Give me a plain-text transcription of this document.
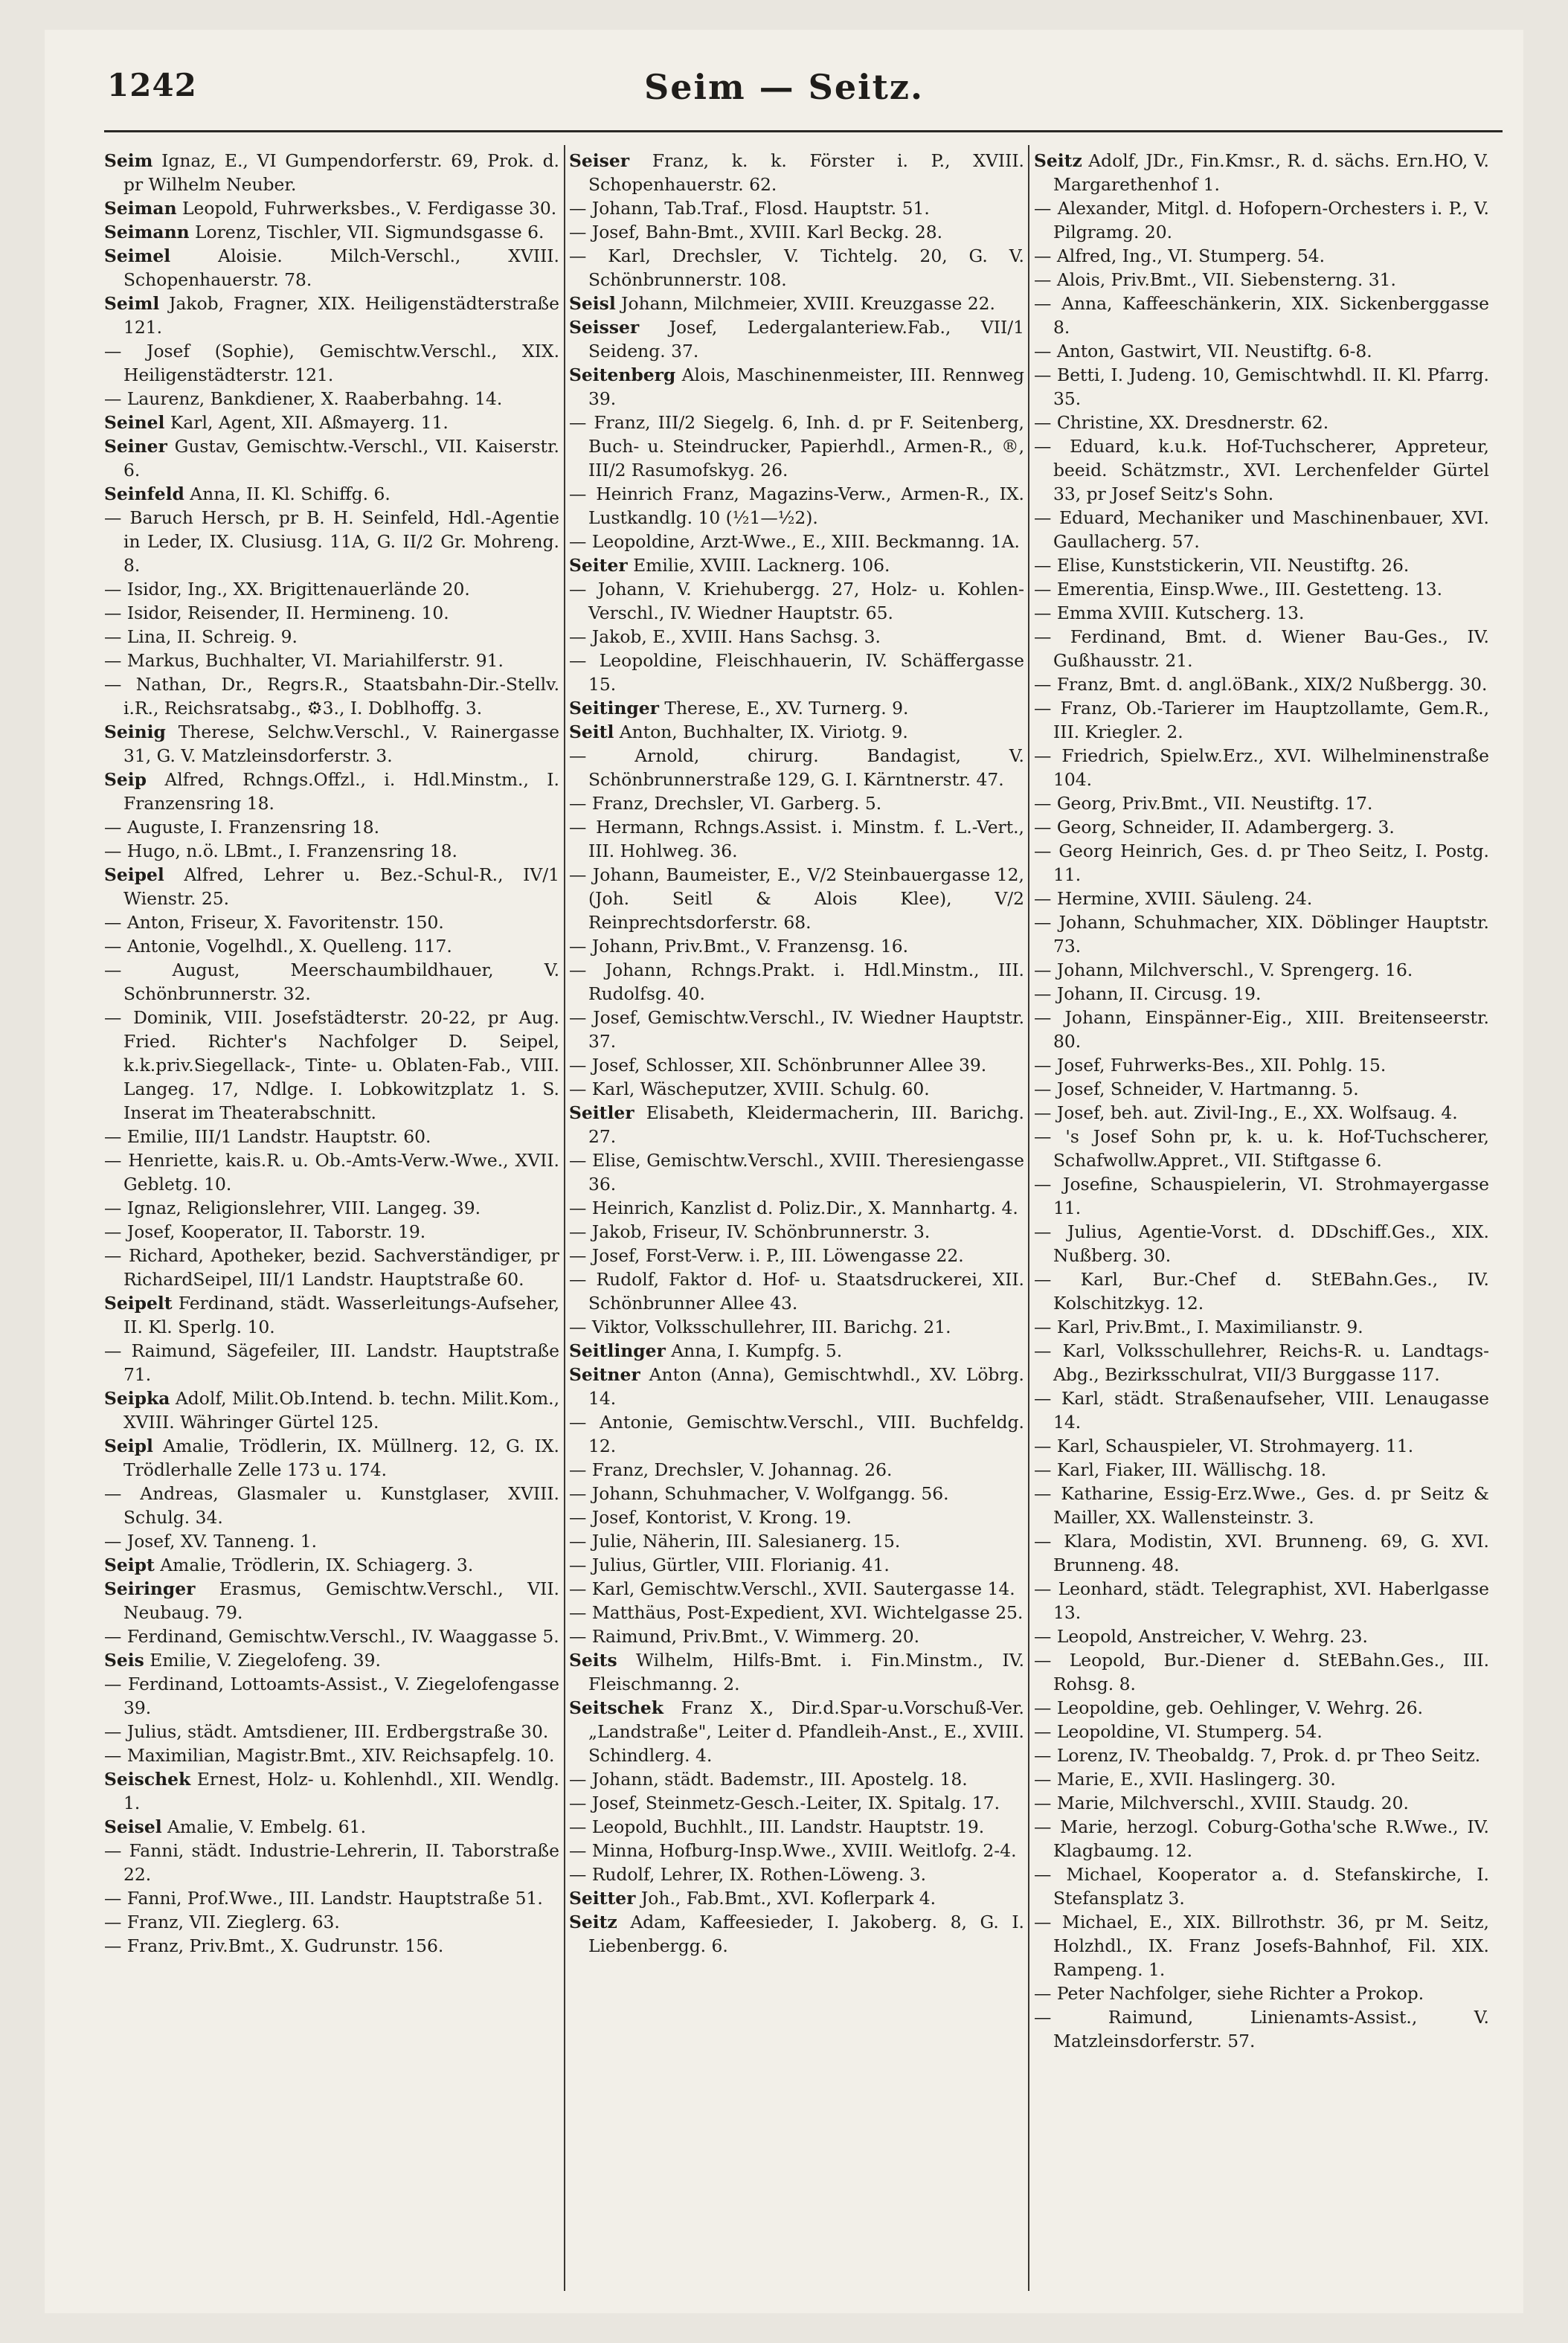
1242	Seim — Seitz.

Seim Ignaz, E., VI Gumpendorferstr. 69, Prok. d. pr Wilhelm Neuber.

Seiman Leopold, Fuhrwerksbes., V. Ferdigasse 30.

Seimann Lorenz, Tischler, VII. Sigmundsgasse 6.

Seimel Aloisie. Milch-Verschl., XVIII. Schopenhauerstr. 78.

Seiml Jakob, Fragner, XIX. Heiligenstädterstraße 121.

— Josef (Sophie), Gemischtw.Verschl., XIX. Heiligenstädterstr. 121.

— Laurenz, Bankdiener, X. Raaberbahng. 14.

Seinel Karl, Agent, XII. Aßmayerg. 11.

Seiner Gustav, Gemischtw.-Verschl., VII. Kaiserstr. 6.

Seinfeld Anna, II. Kl. Schiffg. 6.

— Baruch Hersch, pr B. H. Seinfeld, Hdl.-Agentie in Leder, IX. Clusiusg. 11A, G. II/2 Gr. Mohreng. 8.

— Isidor, Ing., XX. Brigittenauerlände 20.

— Isidor, Reisender, II. Hermineng. 10.

— Lina, II. Schreig. 9.

— Markus, Buchhalter, VI. Mariahilferstr. 91.

— Nathan, Dr., Regrs.R., Staatsbahn-Dir.-Stellv. i.R., Reichsratsabg., ⚙3., I. Doblhoffg. 3.

Seinig Therese, Selchw.Verschl., V. Rainergasse 31, G. V. Matzleinsdorferstr. 3.

Seip Alfred, Rchngs.Offzl., i. Hdl.Minstm., I. Franzensring 18.

— Auguste, I. Franzensring 18.

— Hugo, n.ö. LBmt., I. Franzensring 18.

Seipel Alfred, Lehrer u. Bez.-Schul-R., IV/1 Wienstr. 25.

— Anton, Friseur, X. Favoritenstr. 150.

— Antonie, Vogelhdl., X. Quelleng. 117.

— August, Meerschaumbildhauer, V. Schönbrunnerstr. 32.

— Dominik, VIII. Josefstädterstr. 20-22, pr Aug. Fried. Richter's Nachfolger D. Seipel, k.k.priv.Siegellack-, Tinte- u. Oblaten-Fab., VIII. Langeg. 17, Ndlge. I. Lobkowitzplatz 1. S. Inserat im Theaterabschnitt.

— Emilie, III/1 Landstr. Hauptstr. 60.

— Henriette, kais.R. u. Ob.-Amts-Verw.-Wwe., XVII. Gebletg. 10.

— Ignaz, Religionslehrer, VIII. Langeg. 39.

— Josef, Kooperator, II. Taborstr. 19.

— Richard, Apotheker, bezid. Sachverständiger, pr RichardSeipel, III/1 Landstr. Hauptstraße 60.

Seipelt Ferdinand, städt. Wasserleitungs-Aufseher, II. Kl. Sperlg. 10.

— Raimund, Sägefeiler, III. Landstr. Hauptstraße 71.

Seipka Adolf, Milit.Ob.Intend. b. techn. Milit.Kom., XVIII. Währinger Gürtel 125.

Seipl Amalie, Trödlerin, IX. Müllnerg. 12, G. IX. Trödlerhalle Zelle 173 u. 174.

— Andreas, Glasmaler u. Kunstglaser, XVIII. Schulg. 34.

— Josef, XV. Tanneng. 1.

Seipt Amalie, Trödlerin, IX. Schiagerg. 3.

Seiringer Erasmus, Gemischtw.Verschl., VII. Neubaug. 79.

— Ferdinand, Gemischtw.Verschl., IV. Waaggasse 5.

Seis Emilie, V. Ziegelofeng. 39.

— Ferdinand, Lottoamts-Assist., V. Ziegelofengasse 39.

— Julius, städt. Amtsdiener, III. Erdbergstraße 30.

— Maximilian, Magistr.Bmt., XIV. Reichsapfelg. 10.

Seischek Ernest, Holz- u. Kohlenhdl., XII. Wendlg. 1.

Seisel Amalie, V. Embelg. 61.

— Fanni, städt. Industrie-Lehrerin, II. Taborstraße 22.

— Fanni, Prof.Wwe., III. Landstr. Hauptstraße 51.

— Franz, VII. Zieglerg. 63.

— Franz, Priv.Bmt., X. Gudrunstr. 156.

Seiser Franz, k. k. Förster i. P., XVIII. Schopenhauerstr. 62.

— Johann, Tab.Traf., Flosd. Hauptstr. 51.

— Josef, Bahn-Bmt., XVIII. Karl Beckg. 28.

— Karl, Drechsler, V. Tichtelg. 20, G. V. Schönbrunnerstr. 108.

Seisl Johann, Milchmeier, XVIII. Kreuzgasse 22.

Seisser Josef, Ledergalanteriew.Fab., VII/1 Seideng. 37.

Seitenberg Alois, Maschinenmeister, III. Rennweg 39.

— Franz, III/2 Siegelg. 6, Inh. d. pr F. Seitenberg, Buch- u. Steindrucker, Papierhdl., Armen-R., ®, III/2 Rasumofskyg. 26.

— Heinrich Franz, Magazins-Verw., Armen-R., IX. Lustkandlg. 10 (½1—½2).

— Leopoldine, Arzt-Wwe., E., XIII. Beckmanng. 1A.

Seiter Emilie, XVIII. Lacknerg. 106.

— Johann, V. Kriehubergg. 27, Holz- u. Kohlen-Verschl., IV. Wiedner Hauptstr. 65.

— Jakob, E., XVIII. Hans Sachsg. 3.

— Leopoldine, Fleischhauerin, IV. Schäffergasse 15.

Seitinger Therese, E., XV. Turnerg. 9.

Seitl Anton, Buchhalter, IX. Viriotg. 9.

— Arnold, chirurg. Bandagist, V. Schönbrunnerstraße 129, G. I. Kärntnerstr. 47.

— Franz, Drechsler, VI. Garberg. 5.

— Hermann, Rchngs.Assist. i. Minstm. f. L.-Vert., III. Hohlweg. 36.

— Johann, Baumeister, E., V/2 Steinbauergasse 12, (Joh. Seitl & Alois Klee), V/2 Reinprechtsdorferstr. 68.

— Johann, Priv.Bmt., V. Franzensg. 16.

— Johann, Rchngs.Prakt. i. Hdl.Minstm., III. Rudolfsg. 40.

— Josef, Gemischtw.Verschl., IV. Wiedner Hauptstr. 37.

— Josef, Schlosser, XII. Schönbrunner Allee 39.

— Karl, Wäscheputzer, XVIII. Schulg. 60.

Seitler Elisabeth, Kleidermacherin, III. Barichg. 27.

— Elise, Gemischtw.Verschl., XVIII. Theresiengasse 36.

— Heinrich, Kanzlist d. Poliz.Dir., X. Mannhartg. 4.

— Jakob, Friseur, IV. Schönbrunnerstr. 3.

— Josef, Forst-Verw. i. P., III. Löwengasse 22.

— Rudolf, Faktor d. Hof- u. Staatsdruckerei, XII. Schönbrunner Allee 43.

— Viktor, Volksschullehrer, III. Barichg. 21.

Seitlinger Anna, I. Kumpfg. 5.

Seitner Anton (Anna), Gemischtwhdl., XV. Löbrg. 14.

— Antonie, Gemischtw.Verschl., VIII. Buchfeldg. 12.

— Franz, Drechsler, V. Johannag. 26.

— Johann, Schuhmacher, V. Wolfgangg. 56.

— Josef, Kontorist, V. Krong. 19.

— Julie, Näherin, III. Salesianerg. 15.

— Julius, Gürtler, VIII. Florianig. 41.

— Karl, Gemischtw.Verschl., XVII. Sautergasse 14.

— Matthäus, Post-Expedient, XVI. Wichtelgasse 25.

— Raimund, Priv.Bmt., V. Wimmerg. 20.

Seits Wilhelm, Hilfs-Bmt. i. Fin.Minstm., IV. Fleischmanng. 2.

Seitschek Franz X., Dir.d.Spar-u.Vorschuß-Ver. „Landstraße", Leiter d. Pfandleih-Anst., E., XVIII. Schindlerg. 4.

— Johann, städt. Bademstr., III. Apostelg. 18.

— Josef, Steinmetz-Gesch.-Leiter, IX. Spitalg. 17.

— Leopold, Buchhlt., III. Landstr. Hauptstr. 19.

— Minna, Hofburg-Insp.Wwe., XVIII. Weitlofg. 2-4.

— Rudolf, Lehrer, IX. Rothen-Löweng. 3.

Seitter Joh., Fab.Bmt., XVI. Koflerpark 4.

Seitz Adam, Kaffeesieder, I. Jakoberg. 8, G. I. Liebenbergg. 6.

Seitz Adolf, JDr., Fin.Kmsr., R. d. sächs. Ern.HO, V. Margarethenhof 1.

— Alexander, Mitgl. d. Hofopern-Orchesters i. P., V. Pilgramg. 20.

— Alfred, Ing., VI. Stumperg. 54.

— Alois, Priv.Bmt., VII. Siebensterng. 31.

— Anna, Kaffeeschänkerin, XIX. Sickenberggasse 8.

— Anton, Gastwirt, VII. Neustiftg. 6-8.

— Betti, I. Judeng. 10, Gemischtwhdl. II. Kl. Pfarrg. 35.

— Christine, XX. Dresdnerstr. 62.

— Eduard, k.u.k. Hof-Tuchscherer, Appreteur, beeid. Schätzmstr., XVI. Lerchenfelder Gürtel 33, pr Josef Seitz's Sohn.

— Eduard, Mechaniker und Maschinenbauer, XVI. Gaullacherg. 57.

— Elise, Kunststickerin, VII. Neustiftg. 26.

— Emerentia, Einsp.Wwe., III. Gestetteng. 13.

— Emma XVIII. Kutscherg. 13.

— Ferdinand, Bmt. d. Wiener Bau-Ges., IV. Gußhausstr. 21.

— Franz, Bmt. d. angl.öBank., XIX/2 Nußbergg. 30.

— Franz, Ob.-Tarierer im Hauptzollamte, Gem.R., III. Kriegler. 2.

— Friedrich, Spielw.Erz., XVI. Wilhelminenstraße 104.

— Georg, Priv.Bmt., VII. Neustiftg. 17.

— Georg, Schneider, II. Adambergerg. 3.

— Georg Heinrich, Ges. d. pr Theo Seitz, I. Postg. 11.

— Hermine, XVIII. Säuleng. 24.

— Johann, Schuhmacher, XIX. Döblinger Hauptstr. 73.

— Johann, Milchverschl., V. Sprengerg. 16.

— Johann, II. Circusg. 19.

— Johann, Einspänner-Eig., XIII. Breitenseerstr. 80.

— Josef, Fuhrwerks-Bes., XII. Pohlg. 15.

— Josef, Schneider, V. Hartmanng. 5.

— Josef, beh. aut. Zivil-Ing., E., XX. Wolfsaug. 4.

— 's Josef Sohn pr, k. u. k. Hof-Tuchscherer, Schafwollw.Appret., VII. Stiftgasse 6.

— Josefine, Schauspielerin, VI. Strohmayergasse 11.

— Julius, Agentie-Vorst. d. DDschiff.Ges., XIX. Nußberg. 30.

— Karl, Bur.-Chef d. StEBahn.Ges., IV. Kolschitzkyg. 12.

— Karl, Priv.Bmt., I. Maximilianstr. 9.

— Karl, Volksschullehrer, Reichs-R. u. Landtags-Abg., Bezirksschulrat, VII/3 Burggasse 117.

— Karl, städt. Straßenaufseher, VIII. Lenaugasse 14.

— Karl, Schauspieler, VI. Strohmayerg. 11.

— Karl, Fiaker, III. Wällischg. 18.

— Katharine, Essig-Erz.Wwe., Ges. d. pr Seitz & Mailler, XX. Wallensteinstr. 3.

— Klara, Modistin, XVI. Brunneng. 69, G. XVI. Brunneng. 48.

— Leonhard, städt. Telegraphist, XVI. Haberlgasse 13.

— Leopold, Anstreicher, V. Wehrg. 23.

— Leopold, Bur.-Diener d. StEBahn.Ges., III. Rohsg. 8.

— Leopoldine, geb. Oehlinger, V. Wehrg. 26.

— Leopoldine, VI. Stumperg. 54.

— Lorenz, IV. Theobaldg. 7, Prok. d. pr Theo Seitz.

— Marie, E., XVII. Haslingerg. 30.

— Marie, Milchverschl., XVIII. Staudg. 20.

— Marie, herzogl. Coburg-Gotha'sche R.Wwe., IV. Klagbaumg. 12.

— Michael, Kooperator a. d. Stefanskirche, I. Stefansplatz 3.

— Michael, E., XIX. Billrothstr. 36, pr M. Seitz, Holzhdl., IX. Franz Josefs-Bahnhof, Fil. XIX. Rampeng. 1.

— Peter Nachfolger, siehe Richter a Prokop.

— Raimund, Linienamts-Assist., V. Matzleinsdorferstr. 57.
